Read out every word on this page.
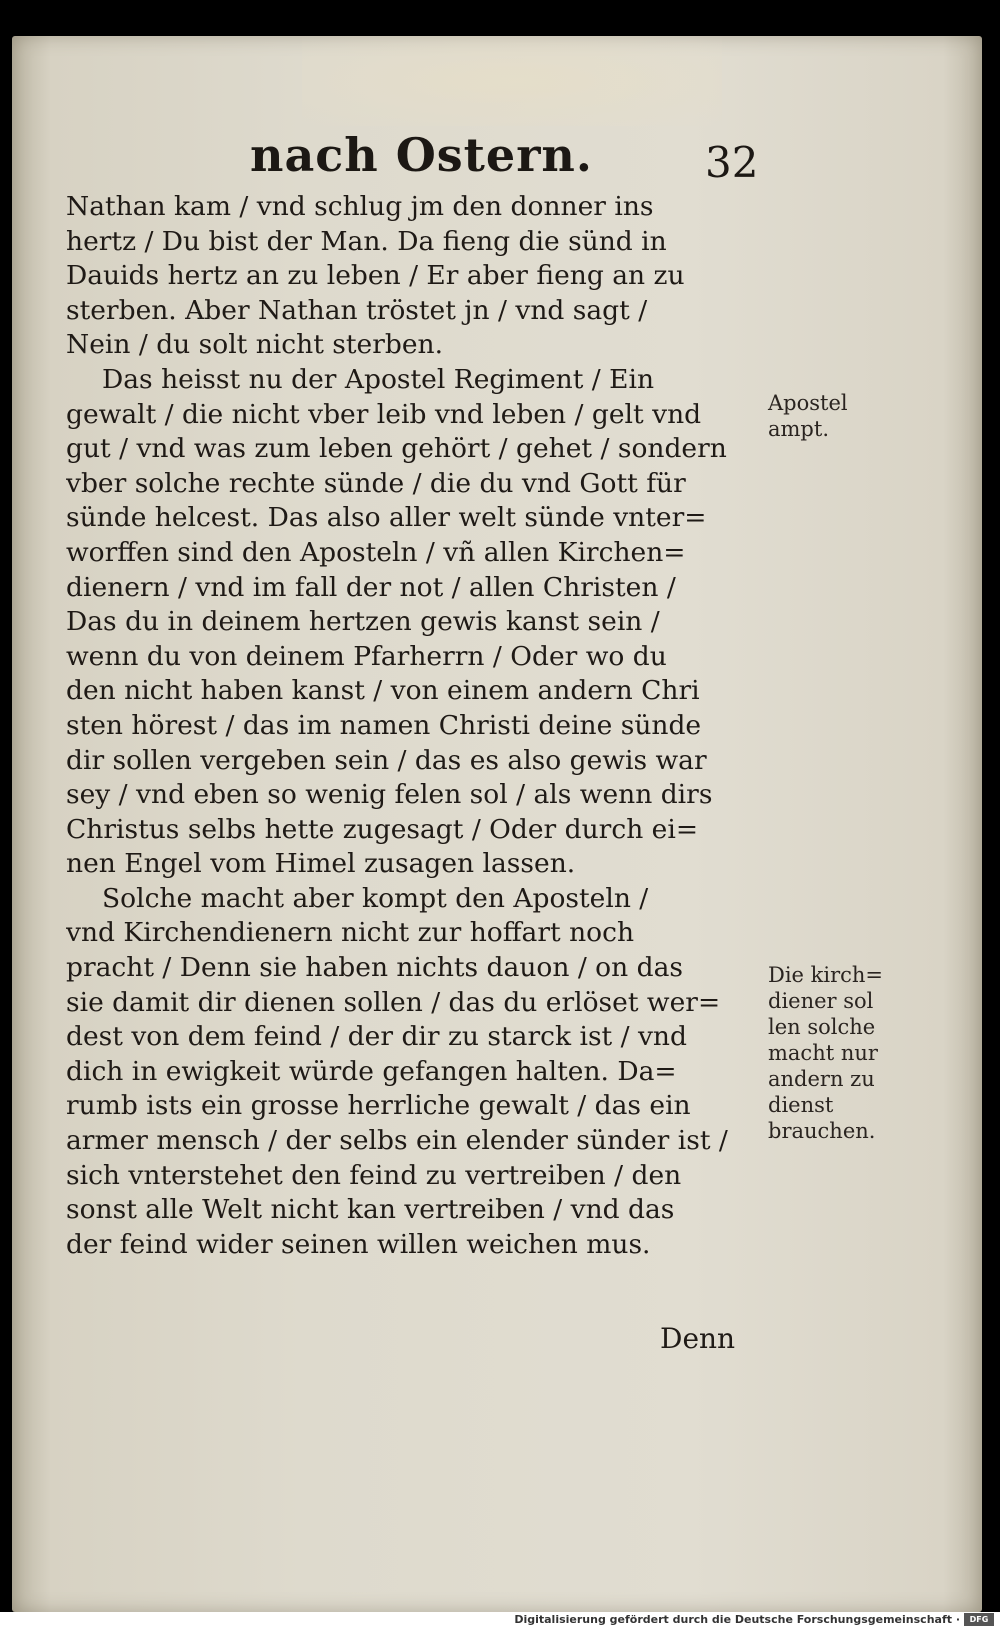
nach Ostern.	32
Nathan kam / vnd schlug jm den donner ins
hertz / Du bist der Man. Da fieng die sünd in
Dauids hertz an zu leben / Er aber fieng an zu
sterben. Aber Nathan tröstet jn / vnd sagt /
Nein / du solt nicht sterben.
Das heisst nu der Apostel Regiment / Ein
gewalt / die nicht vber leib vnd leben / gelt vnd
gut / vnd was zum leben gehört / gehet / sondern
vber solche rechte sünde / die du vnd Gott für
sünde helcest. Das also aller welt sünde vnter=
worffen sind den Aposteln / vñ allen Kirchen=
dienern / vnd im fall der not / allen Christen /
Das du in deinem hertzen gewis kanst sein /
wenn du von deinem Pfarherrn / Oder wo du
den nicht haben kanst / von einem andern Chri
sten hörest / das im namen Christi deine sünde
dir sollen vergeben sein / das es also gewis war
sey / vnd eben so wenig felen sol / als wenn dirs
Christus selbs hette zugesagt / Oder durch ei=
nen Engel vom Himel zusagen lassen.
Solche macht aber kompt den Aposteln /
vnd Kirchendienern nicht zur hoffart noch
pracht / Denn sie haben nichts dauon / on das
sie damit dir dienen sollen / das du erlöset wer=
dest von dem feind / der dir zu starck ist / vnd
dich in ewigkeit würde gefangen halten. Da=
rumb ists ein grosse herrliche gewalt / das ein
armer mensch / der selbs ein elender sünder ist /
sich vnterstehet den feind zu vertreiben / den
sonst alle Welt nicht kan vertreiben / vnd das
der feind wider seinen willen weichen mus.
Denn
Apostel
ampt.
Die kirch=
diener sol
len solche
macht nur
andern zu
dienst
brauchen.
Digitalisierung gefördert durch die Deutsche Forschungsgemeinschaft ·	DFG
